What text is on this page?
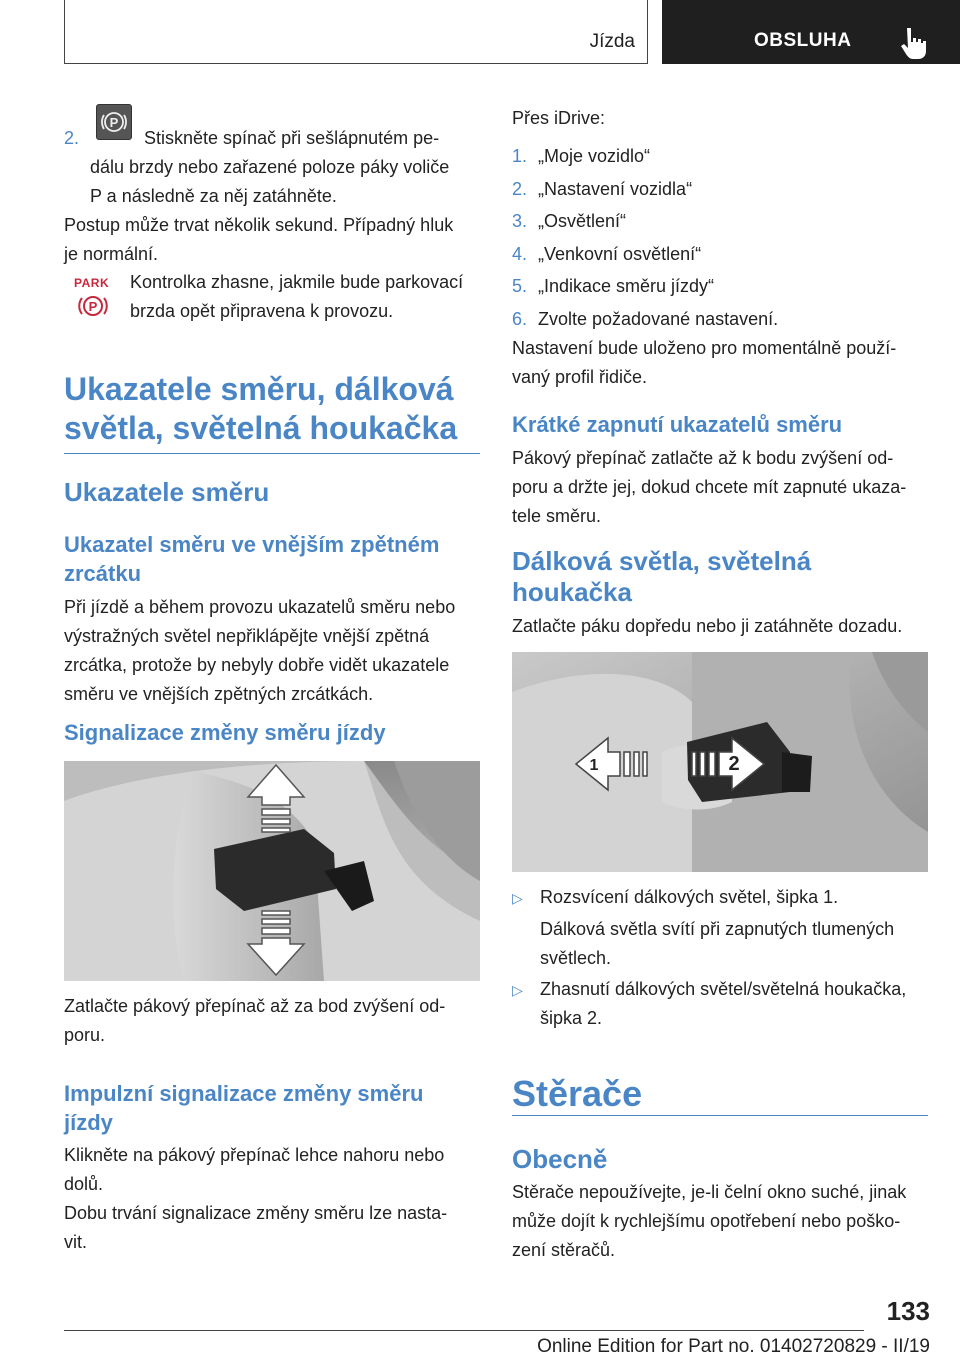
Jízda	OBSLUHA
2.
P
Stiskněte spínač při sešlápnutém pe-
dálu brzdy nebo zařazené poloze páky voliče
P a následně za něj zatáhněte.
Postup může trvat několik sekund. Případný hluk
je normální.
PARK
P
Kontrolka zhasne, jakmile bude parkovací
brzda opět připravena k provozu.
Ukazatele směru, dálková
světla, světelná houkačka
Ukazatele směru
Ukazatel směru ve vnějším zpětném
zrcátku
Při jízdě a během provozu ukazatelů směru nebo
výstražných světel nepřiklápějte vnější zpětná
zrcátka, protože by nebyly dobře vidět ukazatele
směru ve vnějších zpětných zrcátkách.
Signalizace změny směru jízdy
Zatlačte pákový přepínač až za bod zvýšení od-
poru.
Impulzní signalizace změny směru
jízdy
Klikněte na pákový přepínač lehce nahoru nebo
dolů.
Dobu trvání signalizace změny směru lze nasta-
vit.
Přes iDrive:
1. „Moje vozidlo“
2. „Nastavení vozidla“
3. „Osvětlení“
4. „Venkovní osvětlení“
5. „Indikace směru jízdy“
6. Zvolte požadované nastavení.
Nastavení bude uloženo pro momentálně použí-
vaný profil řidiče.
Krátké zapnutí ukazatelů směru
Pákový přepínač zatlačte až k bodu zvýšení od-
poru a držte jej, dokud chcete mít zapnuté ukaza-
tele směru.
Dálková světla, světelná
houkačka
Zatlačte páku dopředu nebo ji zatáhněte dozadu.
1	2
▷ Rozsvícení dálkových světel, šipka 1.
Dálková světla svítí při zapnutých tlumených
světlech.
▷ Zhasnutí dálkových světel/světelná houkačka,
šipka 2.
Stěrače
Obecně
Stěrače nepoužívejte, je-li čelní okno suché, jinak
může dojít k rychlejšímu opotřebení nebo poško-
zení stěračů.
133
Online Edition for Part no. 01402720829 - II/19
